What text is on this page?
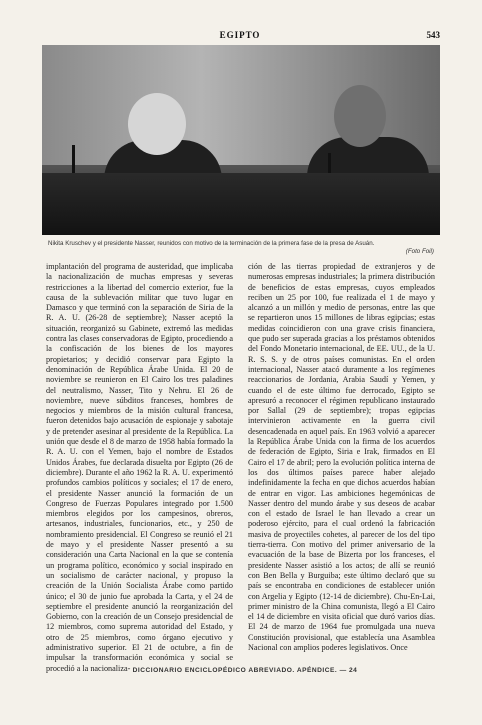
EGIPTO	543
Nikita Kruschev y el presidente Nasser, reunidos con motivo de la terminación de la primera fase de la presa de Asuán.
(Foto Foil)
implantación del programa de austeridad, que implicaba la nacionalización de muchas empresas y severas restricciones a la libertad del comercio exterior, fue la causa de la sublevación militar que tuvo lugar en Damasco y que terminó con la separación de Siria de la R. A. U. (26-28 de septiembre); Nasser aceptó la situación, reorganizó su Gabinete, extremó las medidas contra las clases conservadoras de Egipto, procediendo a la confiscación de los bienes de los mayores propietarios; y decidió conservar para Egipto la denominación de República Árabe Unida. El 20 de noviembre se reunieron en El Cairo los tres paladines del neutralismo, Nasser, Tito y Nehru. El 26 de noviembre, nueve súbditos franceses, hombres de negocios y miembros de la misión cultural francesa, fueron detenidos bajo acusación de espionaje y sabotaje y de pretender asesinar al presidente de la República. La unión que desde el 8 de marzo de 1958 había formado la R. A. U. con el Yemen, bajo el nombre de Estados Unidos Árabes, fue declarada disuelta por Egipto (26 de diciembre). Durante el año 1962 la R. A. U. experimentó profundos cambios políticos y sociales; el 17 de enero, el presidente Nasser anunció la formación de un Congreso de Fuerzas Populares integrado por 1.500 miembros elegidos por los campesinos, obreros, artesanos, industriales, funcionarios, etc., y 250 de nombramiento presidencial. El Congreso se reunió el 21 de mayo y el presidente Nasser presentó a su consideración una Carta Nacional en la que se contenía un programa político, económico y social inspirado en un socialismo de carácter nacional, y propuso la creación de la Unión Socialista Árabe como partido único; el 30 de junio fue aprobada la Carta, y el 24 de septiembre el presidente anunció la reorganización del Gobierno, con la creación de un Consejo presidencial de 12 miembros, como suprema autoridad del Estado, y otro de 25 miembros, como órgano ejecutivo y administrativo superior. El 21 de octubre, a fin de impulsar la transformación económica y social se procedió a la nacionaliza-
ción de las tierras propiedad de extranjeros y de numerosas empresas industriales; la primera distribución de beneficios de estas empresas, cuyos empleados reciben un 25 por 100, fue realizada el 1 de mayo y alcanzó a un millón y medio de personas, entre las que se repartieron unos 15 millones de libras egipcias; estas medidas coincidieron con una grave crisis financiera, que pudo ser superada gracias a los préstamos obtenidos del Fondo Monetario internacional, de EE. UU., de la U. R. S. S. y de otros países comunistas. En el orden internacional, Nasser atacó duramente a los regímenes reaccionarios de Jordania, Arabia Saudí y Yemen, y cuando el de este último fue derrocado, Egipto se apresuró a reconocer el régimen republicano instaurado por Sallal (29 de septiembre); tropas egipcias intervinieron activamente en la guerra civil desencadenada en aquel país. En 1963 volvió a aparecer la República Árabe Unida con la firma de los acuerdos de federación de Egipto, Siria e Irak, firmados en El Cairo el 17 de abril; pero la evolución política interna de los dos últimos países parece haber alejado indefinidamente la fecha en que dichos acuerdos habían de entrar en vigor. Las ambiciones hegemónicas de Nasser dentro del mundo árabe y sus deseos de acabar con el estado de Israel le han llevado a crear un poderoso ejército, para el cual ordenó la fabricación masiva de proyectiles cohetes, al parecer de los del tipo tierra-tierra. Con motivo del primer aniversario de la evacuación de la base de Bizerta por los franceses, el presidente Nasser asistió a los actos; de allí se reunió con Ben Bella y Burguiba; este último declaró que su país se encontraba en condiciones de establecer unión con Argelia y Egipto (12-14 de diciembre). Chu-En-Lai, primer ministro de la China comunista, llegó a El Cairo el 14 de diciembre en visita oficial que duró varios días. El 24 de marzo de 1964 fue promulgada una nueva Constitución provisional, que establecía una Asamblea Nacional con amplios poderes legislativos. Once
DICCIONARIO ENCICLOPÉDICO ABREVIADO. APÉNDICE. — 24
